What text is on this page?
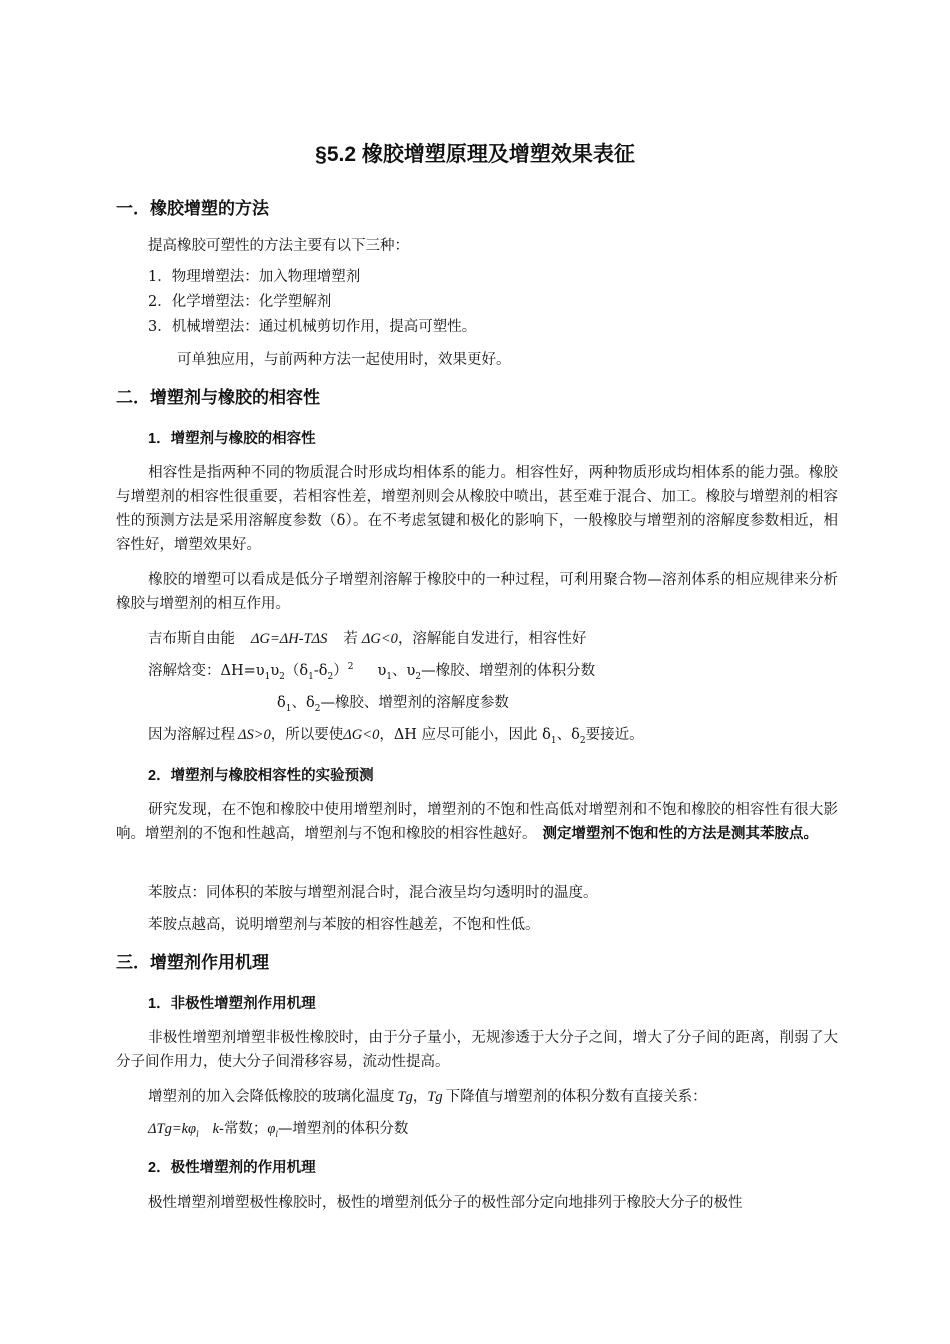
§5.2 橡胶增塑原理及增塑效果表征
一．橡胶增塑的方法
提高橡胶可塑性的方法主要有以下三种：
1．物理增塑法：加入物理增塑剂
2．化学增塑法：化学塑解剂
3．机械增塑法：通过机械剪切作用，提高可塑性。
可单独应用，与前两种方法一起使用时，效果更好。
二．增塑剂与橡胶的相容性
1．增塑剂与橡胶的相容性
相容性是指两种不同的物质混合时形成均相体系的能力。相容性好，两种物质形成均相体系的能力强。橡胶与增塑剂的相容性很重要，若相容性差，增塑剂则会从橡胶中喷出，甚至难于混合、加工。橡胶与增塑剂的相容性的预测方法是采用溶解度参数（δ）。在不考虑氢键和极化的影响下，一般橡胶与增塑剂的溶解度参数相近，相容性好，增塑效果好。
橡胶的增塑可以看成是低分子增塑剂溶解于橡胶中的一种过程，可利用聚合物—溶剂体系的相应规律来分析橡胶与增塑剂的相互作用。
吉布斯自由能 ΔG=ΔH-TΔS 若 ΔG<0，溶解能自发进行，相容性好
溶解焓变：$\Delta H=\upsilon_1\upsilon_2(\delta_1-\delta_2)^2$ $\upsilon_1$、$\upsilon_2—$橡胶、增塑剂的体积分数
$\delta_1$、$\delta_2—$橡胶、增塑剂的溶解度参数
因为溶解过程 ΔS>0，所以要使ΔG<0，ΔH 应尽可能小，因此 $\delta_1$、$\delta_2$要接近。
2．增塑剂与橡胶相容性的实验预测
研究发现，在不饱和橡胶中使用增塑剂时，增塑剂的不饱和性高低对增塑剂和不饱和橡胶的相容性有很大影响。增塑剂的不饱和性越高，增塑剂与不饱和橡胶的相容性越好。 测定增塑剂不饱和性的方法是测其苯胺点。
苯胺点：同体积的苯胺与增塑剂混合时，混合液呈均匀透明时的温度。
苯胺点越高，说明增塑剂与苯胺的相容性越差，不饱和性低。
三．增塑剂作用机理
1．非极性增塑剂作用机理
非极性增塑剂增塑非极性橡胶时，由于分子量小，无规渗透于大分子之间，增大了分子间的距离，削弱了大分子间作用力，使大分子间滑移容易，流动性提高。
增塑剂的加入会降低橡胶的玻璃化温度 Tg，Tg 下降值与增塑剂的体积分数有直接关系：
$\Delta Tg=k\varphi_l$ k-常数；$\varphi_l—$增塑剂的体积分数
2．极性增塑剂的作用机理
极性增塑剂增塑极性橡胶时，极性的增塑剂低分子的极性部分定向地排列于橡胶大分子的极性
